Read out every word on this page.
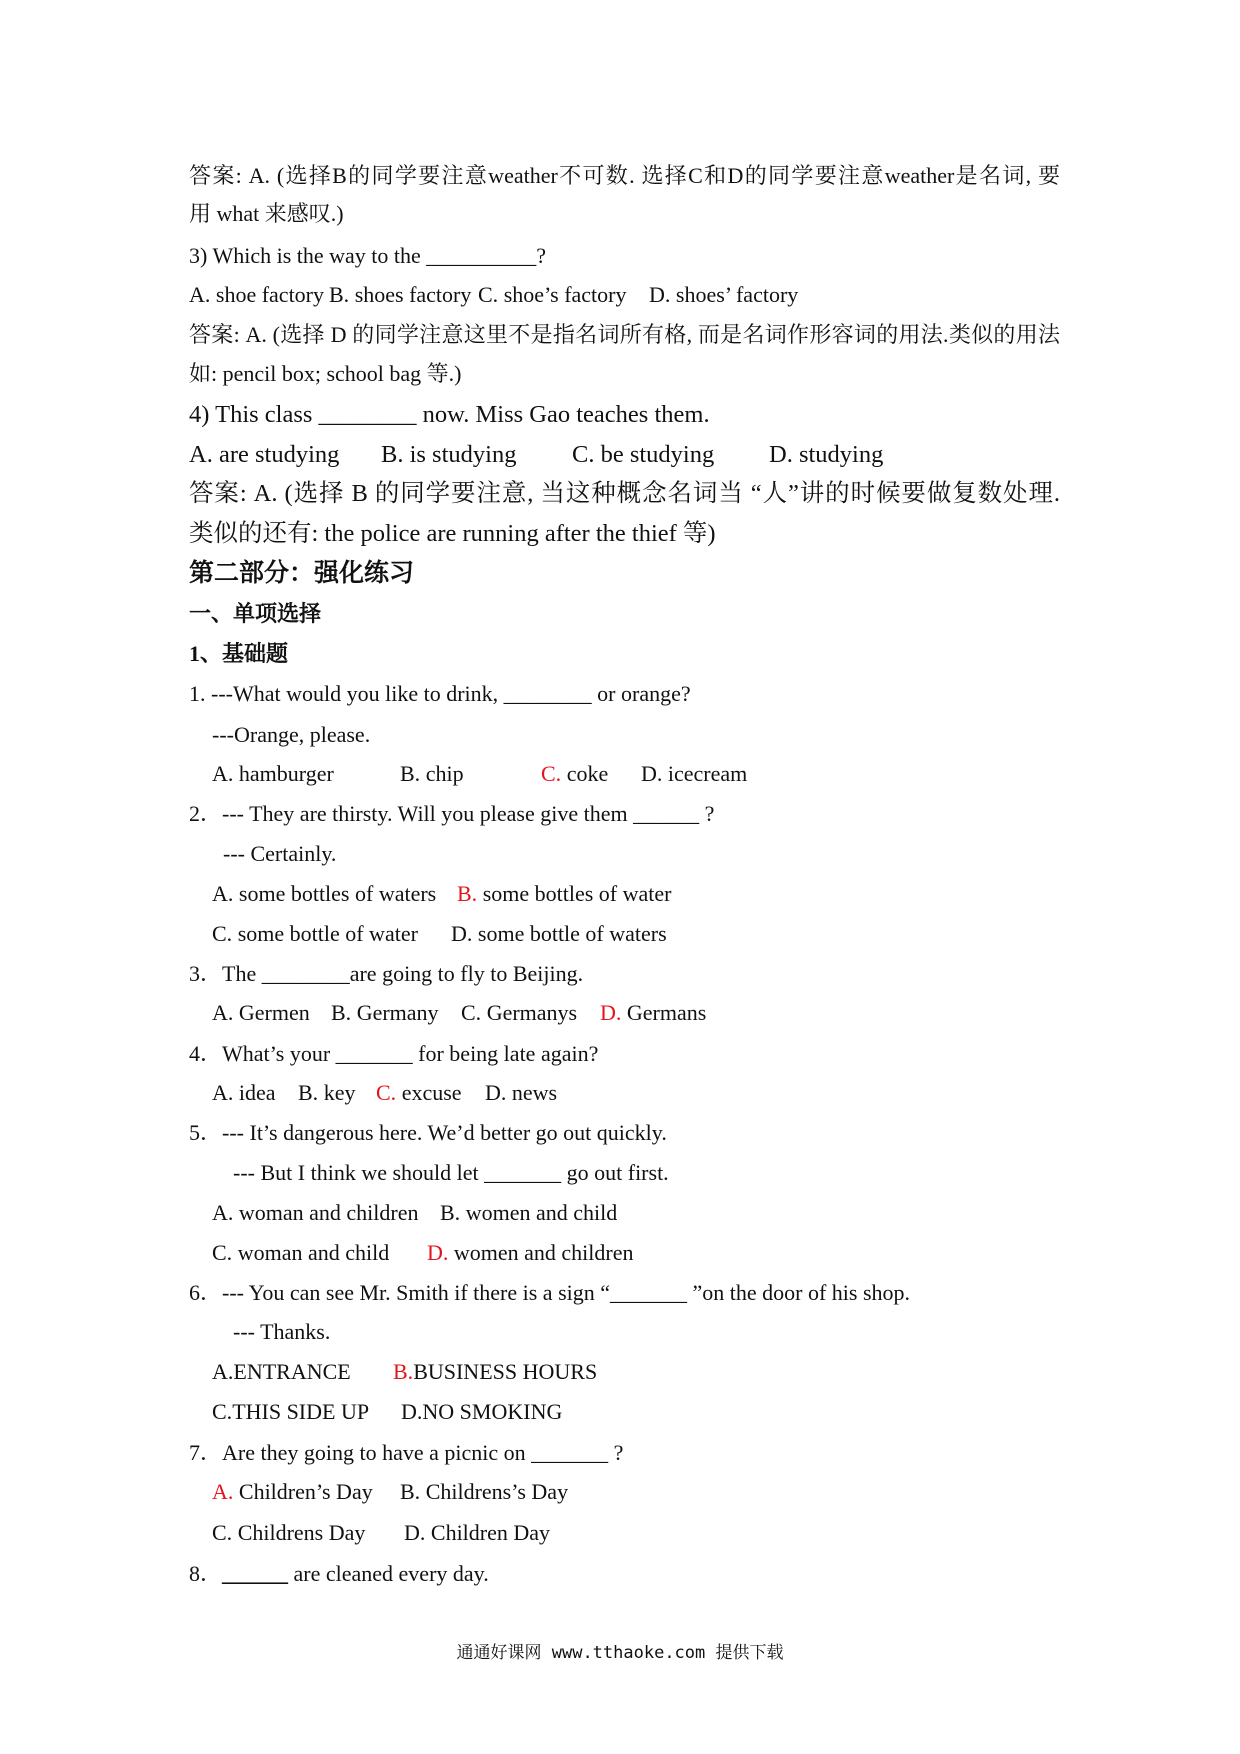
答案: A. (选择B的同学要注意weather不可数. 选择C和D的同学要注意weather是名词, 要
用 what 来感叹.)
3) Which is the way to the __________?
A. shoe factory B. shoes factory C. shoe’s factory D. shoes’ factory
答案: A. (选择 D 的同学注意这里不是指名词所有格, 而是名词作形容词的用法.类似的用法
如: pencil box; school bag 等.)
4) This class ________ now. Miss Gao teaches them.
A. are studying B. is studying C. be studying D. studying
答案: A. (选择 B 的同学要注意, 当这种概念名词当 “人”讲的时候要做复数处理.
类似的还有: the police are running after the thief 等)
第二部分：强化练习
一、单项选择
1、基础题
1. ---What would you like to drink, ________ or orange?
---Orange, please.
A. hamburger	B. chip	C. coke D. icecream
2．--- They are thirsty. Will you please give them ______ ?
--- Certainly.
A. some bottles of waters B. some bottles of water
C. some bottle of water D. some bottle of waters
3．The ________are going to fly to Beijing.
A. Germen B. Germany C. Germanys D. Germans
4．What’s your _______ for being late again?
A. idea B. key C. excuse D. news
5．--- It’s dangerous here. We’d better go out quickly.
--- But I think we should let _______ go out first.
A. woman and children B. women and child
C. woman and child D. women and children
6．--- You can see Mr. Smith if there is a sign “_______ ”on the door of his shop.
--- Thanks.
A.ENTRANCE B.BUSINESS HOURS
C.THIS SIDE UP D.NO SMOKING
7．Are they going to have a picnic on _______ ?
A. Children’s Day B. Childrens’s Day
C. Childrens Day D. Children Day
8．______ are cleaned every day.
通通好课网 www.tthaoke.com 提供下载
